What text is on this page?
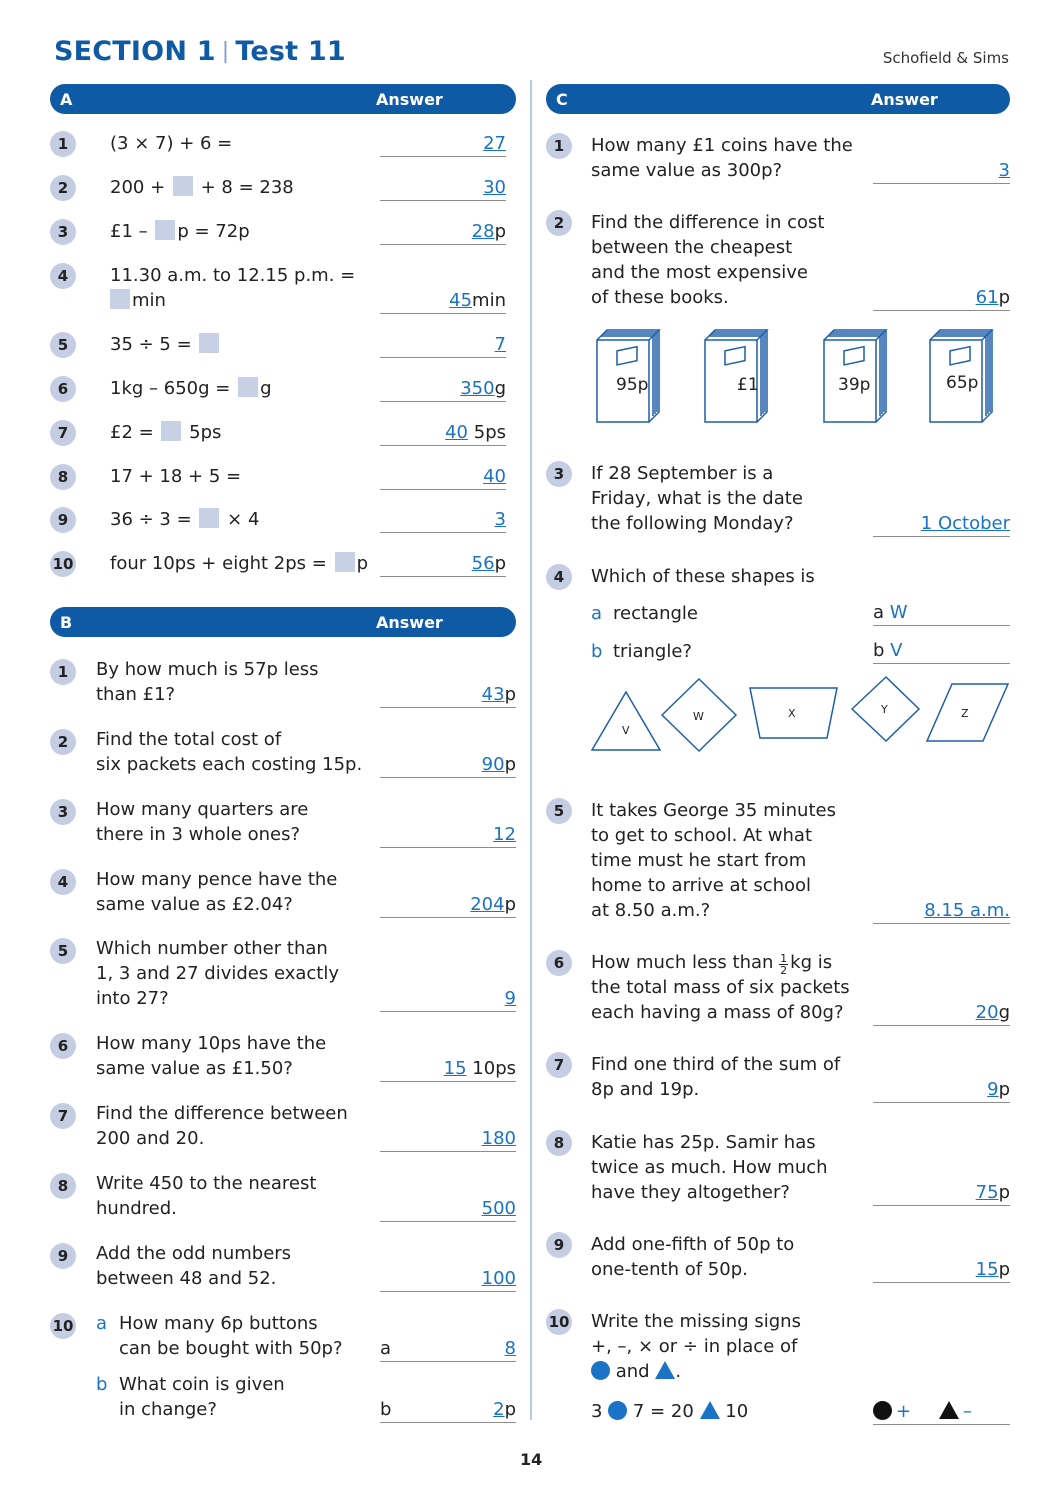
SECTION 1 | Test 11	Schofield & Sims
A	Answer
1	(3 × 7) + 6 =	27
2	200 +  + 8 = 238	30
3	£1 – p = 72p	28p
4	11.30 a.m. to 12.15 p.m. =
min	45min
5	35 ÷ 5 =	7
6	1kg – 650g = g	350g
7	£2 =  5ps	40 5ps
8	17 + 18 + 5 =	40
9	36 ÷ 3 =  × 4	3
10 four 10ps + eight 2ps = p	56p
B	Answer
1	By how much is 57p less
than £1?	43p
2	Find the total cost of
six packets each costing 15p.	90p
3	How many quarters are
there in 3 whole ones?	12
4	How many pence have the
same value as £2.04?	204p
5	Which number other than
1, 3 and 27 divides exactly
into 27?	9
6	How many 10ps have the
same value as £1.50?	15 10ps
7	Find the difference between
200 and 20.	180
8	Write 450 to the nearest
hundred.	500
9	Add the odd numbers
between 48 and 52.	100
10 a How many 6p buttons
can be bought with 50p?
b What coin is given
in change?
a	8
b	2p
C	Answer
1	How many £1 coins have the
same value as 300p?	3
2	Find the difference in cost
between the cheapest
and the most expensive
of these books.	61p
95p	£1	39p	65p
3	If 28 September is a
Friday, what is the date
the following Monday?	1 October
4	Which of these shapes is
a rectangle
b triangle?
a W
b V
V
W	X	Y	Z
5	It takes George 35 minutes
to get to school. At what
time must he start from
home to arrive at school
at 8.50 a.m.?	8.15 a.m.
6	How much less than $\frac{1}{2}$ kg is
the total mass of six packets
each having a mass of 80g?	20g
7	Find one third of the sum of
8p and 19p.	9p
8	Katie has 25p. Samir has
twice as much. How much
have they altogether?	75p
9	Add one-fifth of 50p to
one-tenth of 50p.	15p
10 Write the missing signs
+, –, × or ÷ in place of
and .
3 7 = 20 10	+	–
14
